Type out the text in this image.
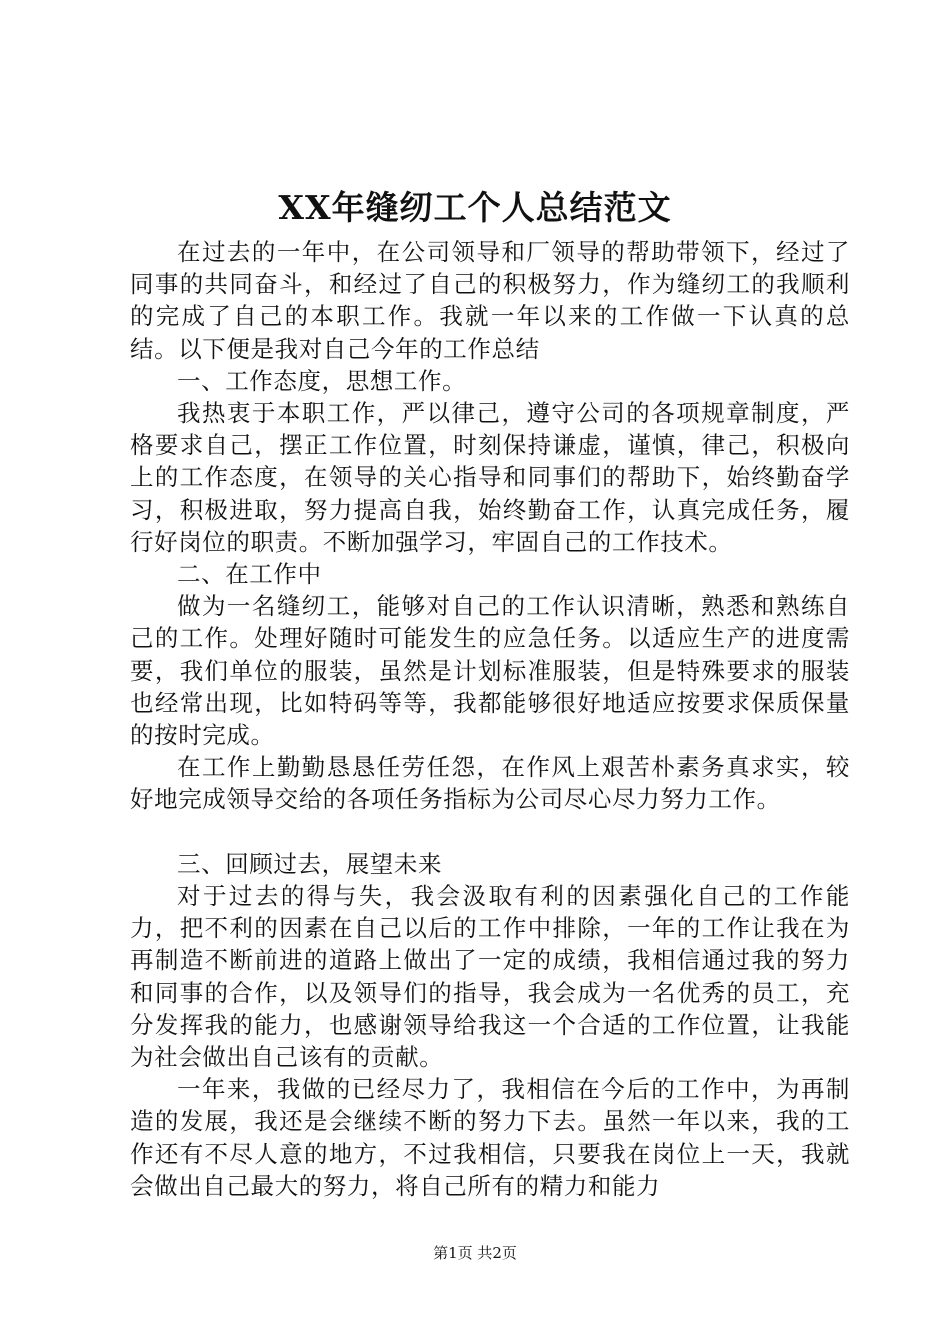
XX年缝纫工个人总结范文

在过去的一年中，在公司领导和厂领导的帮助带领下，经过了同事的共同奋斗，和经过了自己的积极努力，作为缝纫工的我顺利的完成了自己的本职工作。我就一年以来的工作做一下认真的总结。以下便是我对自己今年的工作总结

一、工作态度，思想工作。

我热衷于本职工作，严以律己，遵守公司的各项规章制度，严格要求自己，摆正工作位置，时刻保持谦虚，谨慎，律己，积极向上的工作态度，在领导的关心指导和同事们的帮助下，始终勤奋学习，积极进取，努力提高自我，始终勤奋工作，认真完成任务，履行好岗位的职责。不断加强学习，牢固自己的工作技术。

二、在工作中

做为一名缝纫工，能够对自己的工作认识清晰，熟悉和熟练自己的工作。处理好随时可能发生的应急任务。以适应生产的进度需要，我们单位的服装，虽然是计划标准服装，但是特殊要求的服装也经常出现，比如特码等等，我都能够很好地适应按要求保质保量的按时完成。

在工作上勤勤恳恳任劳任怨，在作风上艰苦朴素务真求实，较好地完成领导交给的各项任务指标为公司尽心尽力努力工作。

三、回顾过去，展望未来

对于过去的得与失，我会汲取有利的因素强化自己的工作能力，把不利的因素在自己以后的工作中排除，一年的工作让我在为再制造不断前进的道路上做出了一定的成绩，我相信通过我的努力和同事的合作，以及领导们的指导，我会成为一名优秀的员工，充分发挥我的能力，也感谢领导给我这一个合适的工作位置，让我能为社会做出自己该有的贡献。

一年来，我做的已经尽力了，我相信在今后的工作中，为再制造的发展，我还是会继续不断的努力下去。虽然一年以来，我的工作还有不尽人意的地方，不过我相信，只要我在岗位上一天，我就会做出自己最大的努力，将自己所有的精力和能力

第1页 共2页
